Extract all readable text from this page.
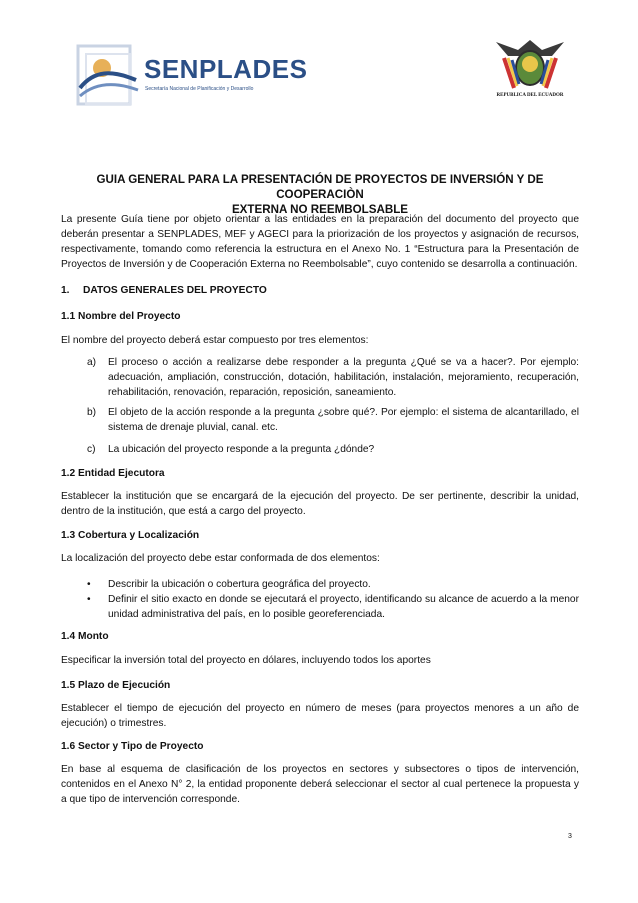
SENPLADES
Secretaría Nacional de Planificación y Desarrollo
REPUBLICA DEL ECUADOR
GUIA GENERAL PARA LA PRESENTACIÓN DE PROYECTOS DE INVERSIÓN Y DE COOPERACIÒN
EXTERNA NO REEMBOLSABLE

La presente Guía tiene por objeto orientar a las entidades en la preparación del documento del proyecto que deberán presentar a SENPLADES, MEF y AGECI para la priorización de los proyectos y asignación de recursos, respectivamente, tomando como referencia la estructura en el Anexo No. 1 “Estructura para la Presentación de Proyectos de Inversión y de Cooperación Externa no Reembolsable”, cuyo contenido se desarrolla a continuación.

1. DATOS GENERALES DEL PROYECTO
1.1 Nombre del Proyecto

El nombre del proyecto deberá estar compuesto por tres elementos:

a) El proceso o acción a realizarse debe responder a la pregunta ¿Qué se va a hacer?. Por ejemplo: adecuación, ampliación, construcción, dotación, habilitación, instalación, mejoramiento, recuperación, rehabilitación, renovación, reparación, reposición, saneamiento.
b) El objeto de la acción responde a la pregunta ¿sobre qué?. Por ejemplo: el sistema de alcantarillado, el sistema de drenaje pluvial, canal. etc.
c) La ubicación del proyecto responde a la pregunta ¿dónde?
1.2 Entidad Ejecutora

Establecer la institución que se encargará de la ejecución del proyecto. De ser pertinente, describir la unidad, dentro de la institución, que está a cargo del proyecto.

1.3 Cobertura y Localización

La localización del proyecto debe estar conformada de dos elementos:

• Describir la ubicación o cobertura geográfica del proyecto.
• Definir el sitio exacto en donde se ejecutará el proyecto, identificando su alcance de acuerdo a la menor unidad administrativa del país, en lo posible georeferenciada.
1.4 Monto

Especificar la inversión total del proyecto en dólares, incluyendo todos los aportes

1.5 Plazo de Ejecución

Establecer el tiempo de ejecución del proyecto en número de meses (para proyectos menores a un año de ejecución) o trimestres.

1.6 Sector y Tipo de Proyecto

En base al esquema de clasificación de los proyectos en sectores y subsectores o tipos de intervención, contenidos en el Anexo N° 2, la entidad proponente deberá seleccionar el sector al cual pertenece la propuesta y a que tipo de intervención corresponde.

3
